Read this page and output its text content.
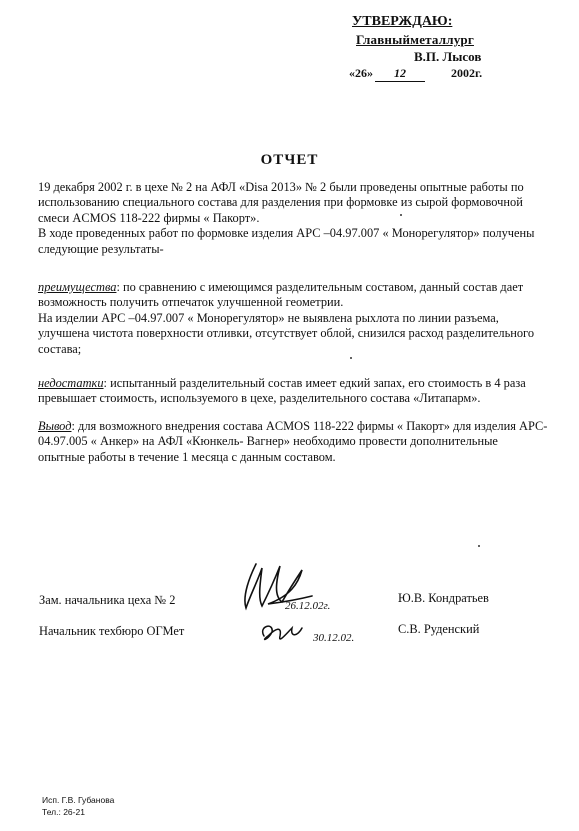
УТВЕРЖДАЮ:
Главныйметаллург
В.П. Лысов
«26» 12	2002г.
ОТЧЕТ
19 декабря 2002 г. в цехе № 2 на АФЛ «Disa 2013» № 2 были проведены опытные работы по использованию специального состава для разделения при формовке из сырой формовочной смеси ACMOS 118-222 фирмы « Пакорт».
В ходе проведенных работ по формовке изделия АРС –04.97.007 « Монорегулятор» получены следующие результаты-
преимущества: по сравнению с имеющимся разделительным составом, данный состав дает возможность получить отпечаток улучшенной геометрии.
На изделии АРС –04.97.007 « Монорегулятор» не выявлена рыхлота по линии разъема, улучшена чистота поверхности отливки, отсутствует облой, снизился расход разделительного состава;
недостатки: испытанный разделительный состав имеет едкий запах, его стоимость в 4 раза превышает стоимость, используемого в цехе, разделительного состава «Литапарм».
Вывод: для возможного внедрения состава ACMOS 118-222 фирмы « Пакорт» для изделия АРС- 04.97.005 « Анкер» на АФЛ «Кюнкель- Вагнер» необходимо провести дополнительные опытные работы в течение 1 месяца с данным составом.
Зам. начальника цеха № 2	26.12.02г.
Ю.В. Кондратьев
Начальник техбюро ОГМет	30.12.02.
С.В. Руденский
Исп. Г.В. Губанова
Тел.: 26-21
